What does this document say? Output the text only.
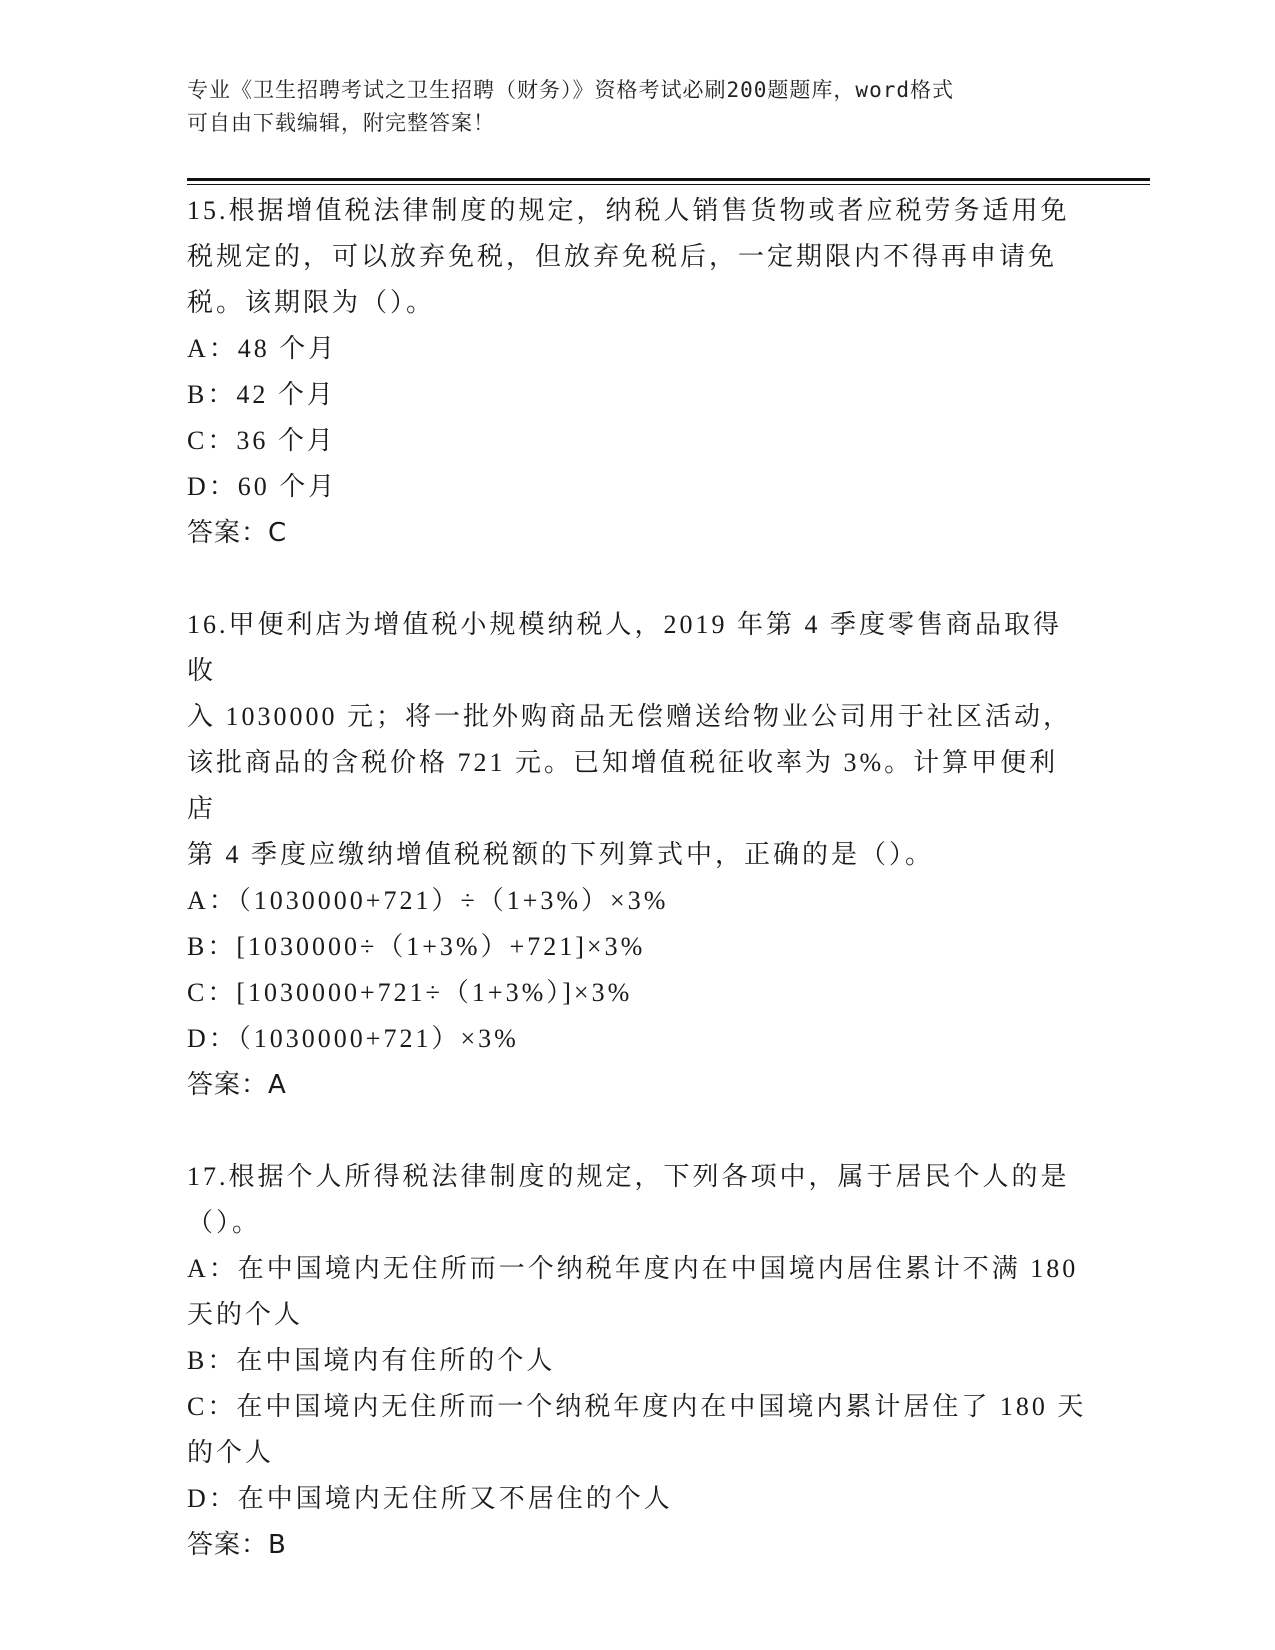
专业《卫生招聘考试之卫生招聘（财务）》资格考试必刷200题题库，word格式
可自由下载编辑，附完整答案！

15.根据增值税法律制度的规定，纳税人销售货物或者应税劳务适用免

税规定的，可以放弃免税，但放弃免税后，一定期限内不得再申请免

税。该期限为（）。

A：48 个月

B：42 个月

C：36 个月

D：60 个月

答案：C

16.甲便利店为增值税小规模纳税人，2019 年第 4 季度零售商品取得收

入 1030000 元；将一批外购商品无偿赠送给物业公司用于社区活动，

该批商品的含税价格 721 元。已知增值税征收率为 3%。计算甲便利店

第 4 季度应缴纳增值税税额的下列算式中，正确的是（）。

A：（1030000+721）÷（1+3%）×3%

B：[1030000÷（1+3%）+721]×3%

C：[1030000+721÷（1+3%）]×3%

D：（1030000+721）×3%

答案：A

17.根据个人所得税法律制度的规定，下列各项中，属于居民个人的是

（）。

A：在中国境内无住所而一个纳税年度内在中国境内居住累计不满 180

天的个人

B：在中国境内有住所的个人

C：在中国境内无住所而一个纳税年度内在中国境内累计居住了 180 天

的个人

D：在中国境内无住所又不居住的个人

答案：B
